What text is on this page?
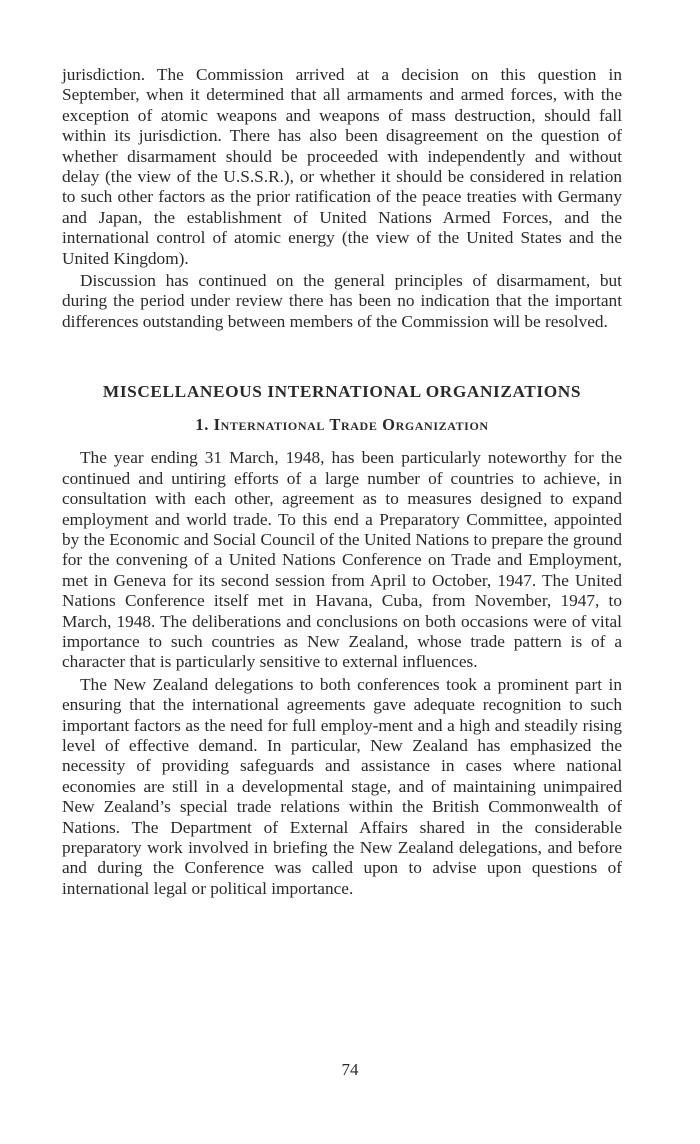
jurisdiction. The Commission arrived at a decision on this question in September, when it determined that all armaments and armed forces, with the exception of atomic weapons and weapons of mass destruction, should fall within its jurisdiction. There has also been disagreement on the question of whether disarmament should be proceeded with independently and without delay (the view of the U.S.S.R.), or whether it should be considered in relation to such other factors as the prior ratification of the peace treaties with Germany and Japan, the establishment of United Nations Armed Forces, and the international control of atomic energy (the view of the United States and the United Kingdom).

Discussion has continued on the general principles of disarmament, but during the period under review there has been no indication that the important differences outstanding between members of the Commission will be resolved.

MISCELLANEOUS INTERNATIONAL ORGANIZATIONS
1. International Trade Organization

The year ending 31 March, 1948, has been particularly noteworthy for the continued and untiring efforts of a large number of countries to achieve, in consultation with each other, agreement as to measures designed to expand employment and world trade. To this end a Preparatory Committee, appointed by the Economic and Social Council of the United Nations to prepare the ground for the convening of a United Nations Conference on Trade and Employment, met in Geneva for its second session from April to October, 1947. The United Nations Conference itself met in Havana, Cuba, from November, 1947, to March, 1948. The deliberations and conclusions on both occasions were of vital importance to such countries as New Zealand, whose trade pattern is of a character that is particularly sensitive to external influences.

The New Zealand delegations to both conferences took a prominent part in ensuring that the international agreements gave adequate recognition to such important factors as the need for full employ-ment and a high and steadily rising level of effective demand. In particular, New Zealand has emphasized the necessity of providing safeguards and assistance in cases where national economies are still in a developmental stage, and of maintaining unimpaired New Zealand’s special trade relations within the British Commonwealth of Nations. The Department of External Affairs shared in the considerable preparatory work involved in briefing the New Zealand delegations, and before and during the Conference was called upon to advise upon questions of international legal or political importance.

74
